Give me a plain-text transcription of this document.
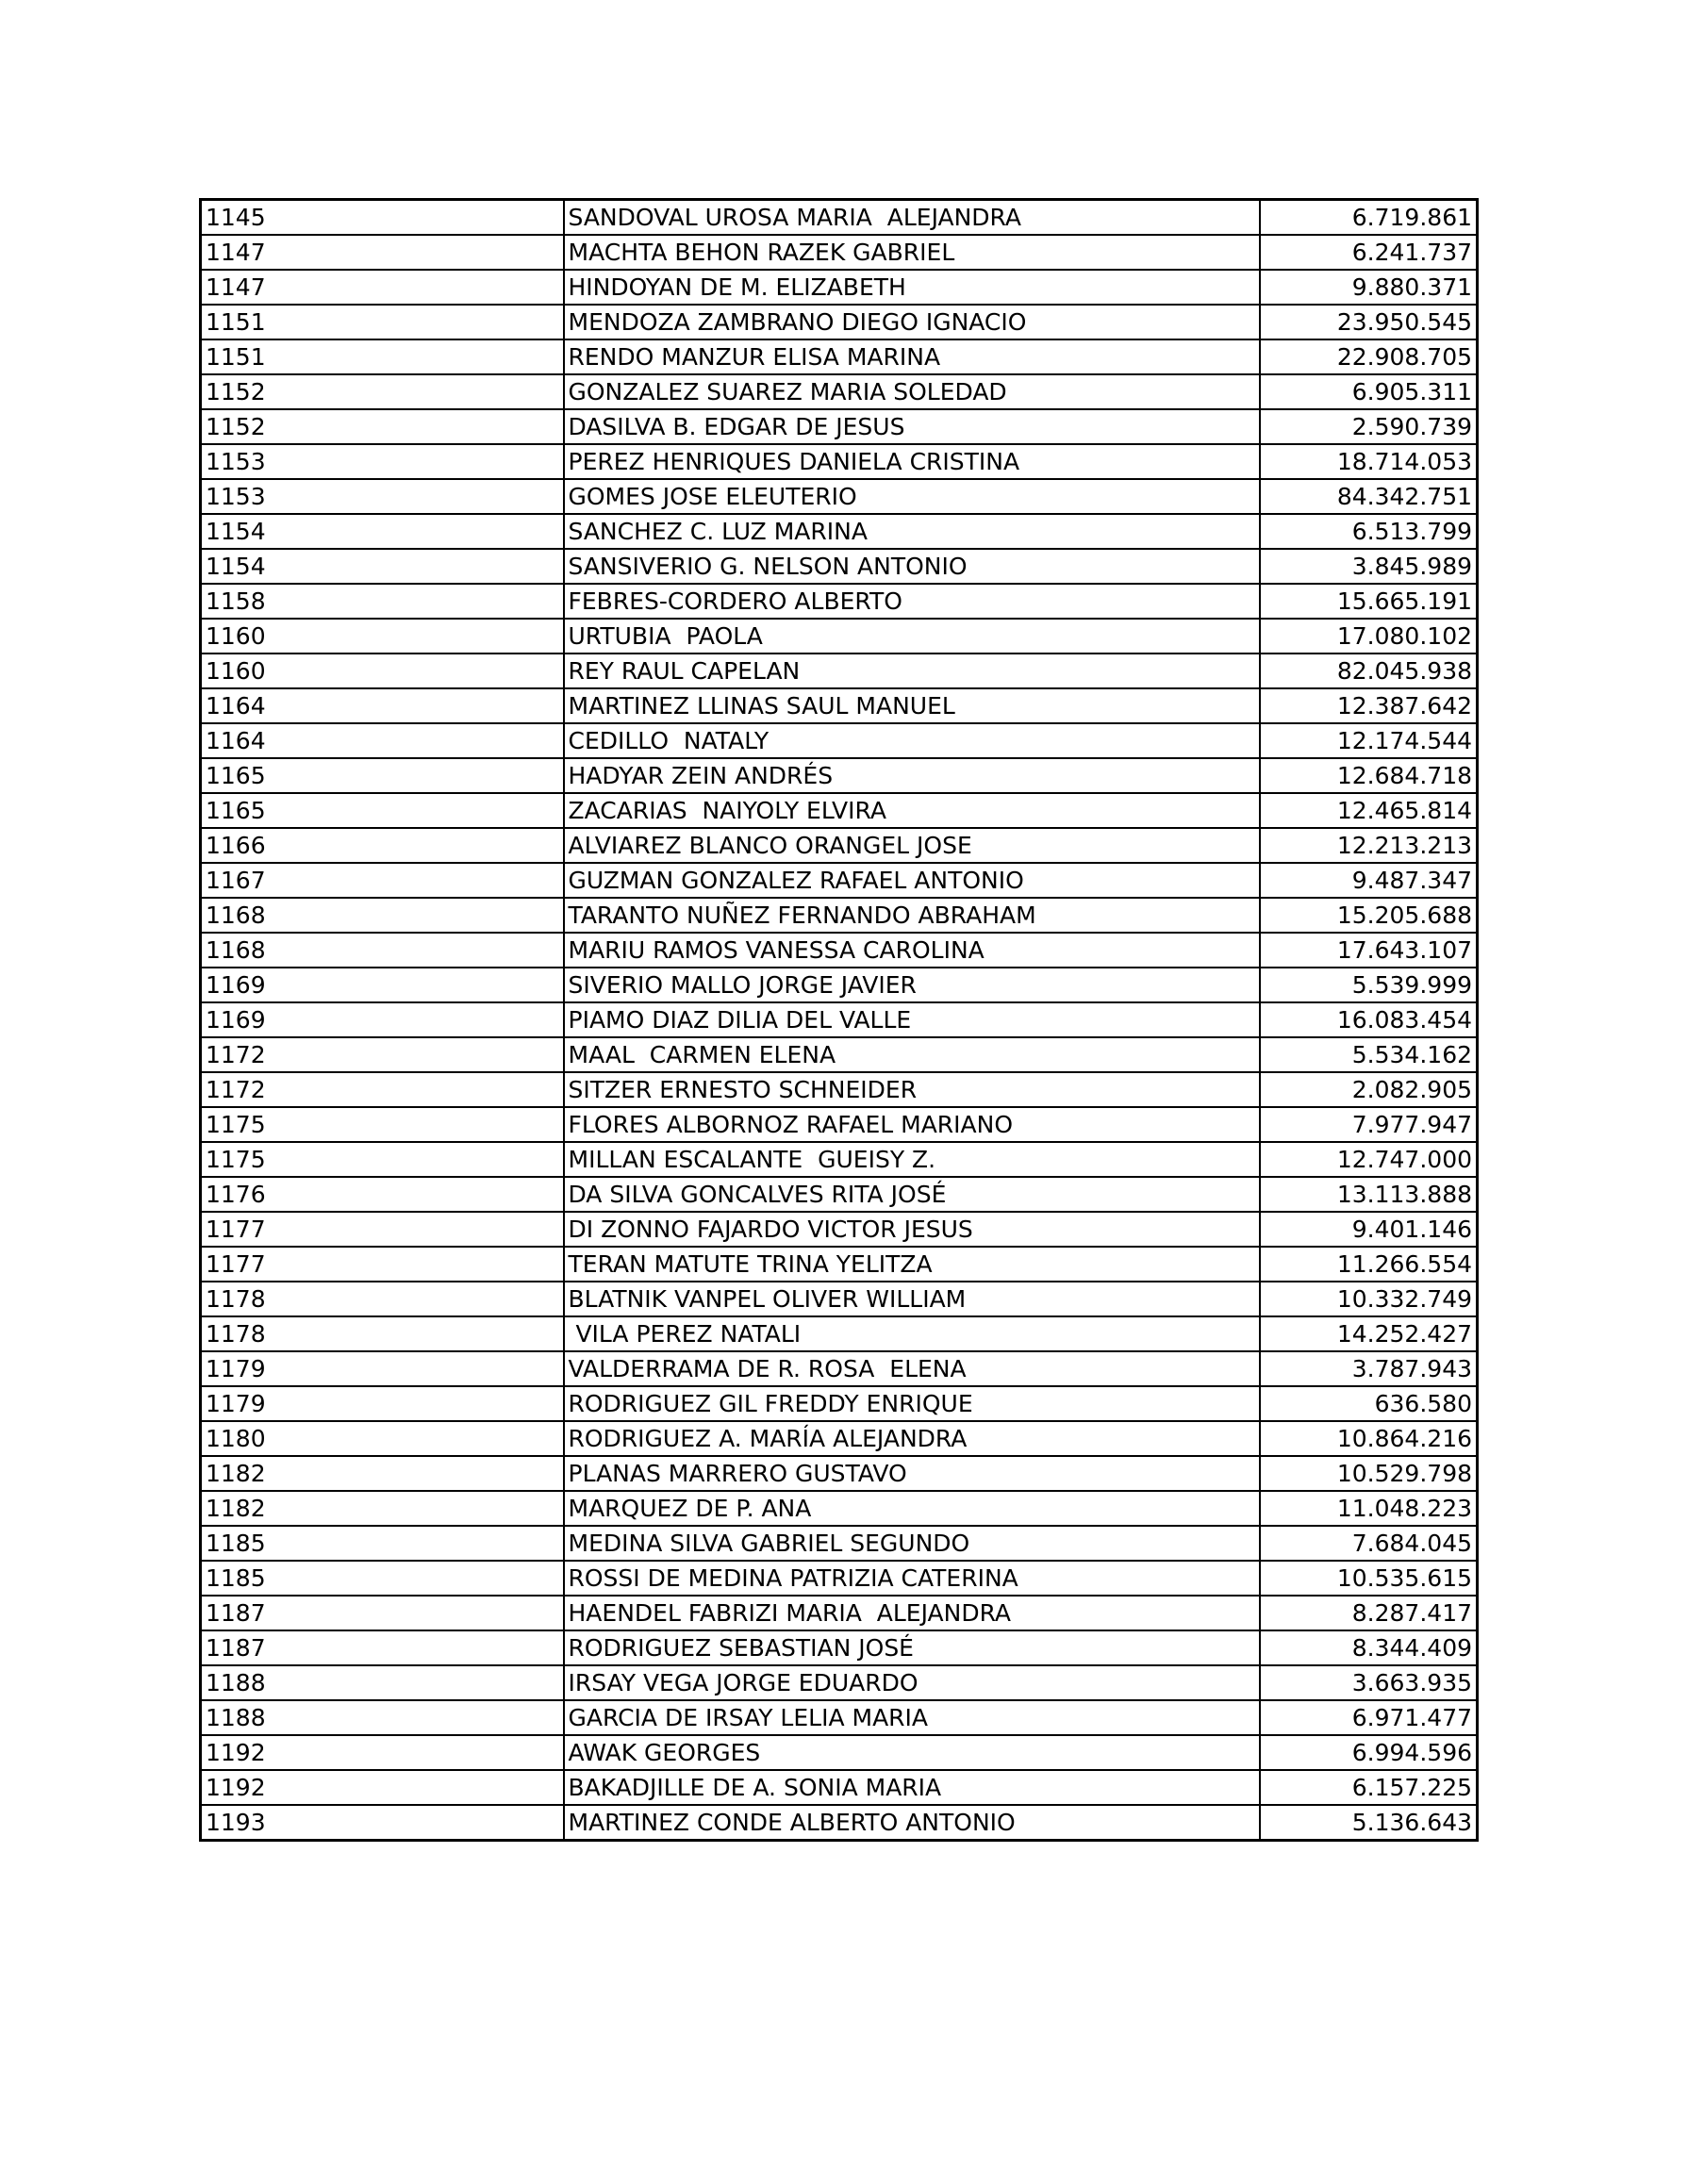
1145	SANDOVAL UROSA MARIA  ALEJANDRA	6.719.861
1147	MACHTA BEHON RAZEK GABRIEL	6.241.737
1147	HINDOYAN DE M. ELIZABETH	9.880.371
1151	MENDOZA ZAMBRANO DIEGO IGNACIO	23.950.545
1151	RENDO MANZUR ELISA MARINA	22.908.705
1152	GONZALEZ SUAREZ MARIA SOLEDAD	6.905.311
1152	DASILVA B. EDGAR DE JESUS	2.590.739
1153	PEREZ HENRIQUES DANIELA CRISTINA	18.714.053
1153	GOMES JOSE ELEUTERIO	84.342.751
1154	SANCHEZ C. LUZ MARINA	6.513.799
1154	SANSIVERIO G. NELSON ANTONIO	3.845.989
1158	FEBRES-CORDERO ALBERTO	15.665.191
1160	URTUBIA  PAOLA	17.080.102
1160	REY RAUL CAPELAN	82.045.938
1164	MARTINEZ LLINAS SAUL MANUEL	12.387.642
1164	CEDILLO  NATALY	12.174.544
1165	HADYAR ZEIN ANDRÉS	12.684.718
1165	ZACARIAS  NAIYOLY ELVIRA	12.465.814
1166	ALVIAREZ BLANCO ORANGEL JOSE	12.213.213
1167	GUZMAN GONZALEZ RAFAEL ANTONIO	9.487.347
1168	TARANTO NUÑEZ FERNANDO ABRAHAM	15.205.688
1168	MARIU RAMOS VANESSA CAROLINA	17.643.107
1169	SIVERIO MALLO JORGE JAVIER	5.539.999
1169	PIAMO DIAZ DILIA DEL VALLE	16.083.454
1172	MAAL  CARMEN ELENA	5.534.162
1172	SITZER ERNESTO SCHNEIDER	2.082.905
1175	FLORES ALBORNOZ RAFAEL MARIANO	7.977.947
1175	MILLAN ESCALANTE  GUEISY Z.	12.747.000
1176	DA SILVA GONCALVES RITA JOSÉ	13.113.888
1177	DI ZONNO FAJARDO VICTOR JESUS	9.401.146
1177	TERAN MATUTE TRINA YELITZA	11.266.554
1178	BLATNIK VANPEL OLIVER WILLIAM	10.332.749
1178	VILA PEREZ NATALI	14.252.427
1179	VALDERRAMA DE R. ROSA  ELENA	3.787.943
1179	RODRIGUEZ GIL FREDDY ENRIQUE	636.580
1180	RODRIGUEZ A. MARÍA ALEJANDRA	10.864.216
1182	PLANAS MARRERO GUSTAVO	10.529.798
1182	MARQUEZ DE P. ANA	11.048.223
1185	MEDINA SILVA GABRIEL SEGUNDO	7.684.045
1185	ROSSI DE MEDINA PATRIZIA CATERINA	10.535.615
1187	HAENDEL FABRIZI MARIA  ALEJANDRA	8.287.417
1187	RODRIGUEZ SEBASTIAN JOSÉ	8.344.409
1188	IRSAY VEGA JORGE EDUARDO	3.663.935
1188	GARCIA DE IRSAY LELIA MARIA	6.971.477
1192	AWAK GEORGES	6.994.596
1192	BAKADJILLE DE A. SONIA MARIA	6.157.225
1193	MARTINEZ CONDE ALBERTO ANTONIO	5.136.643
